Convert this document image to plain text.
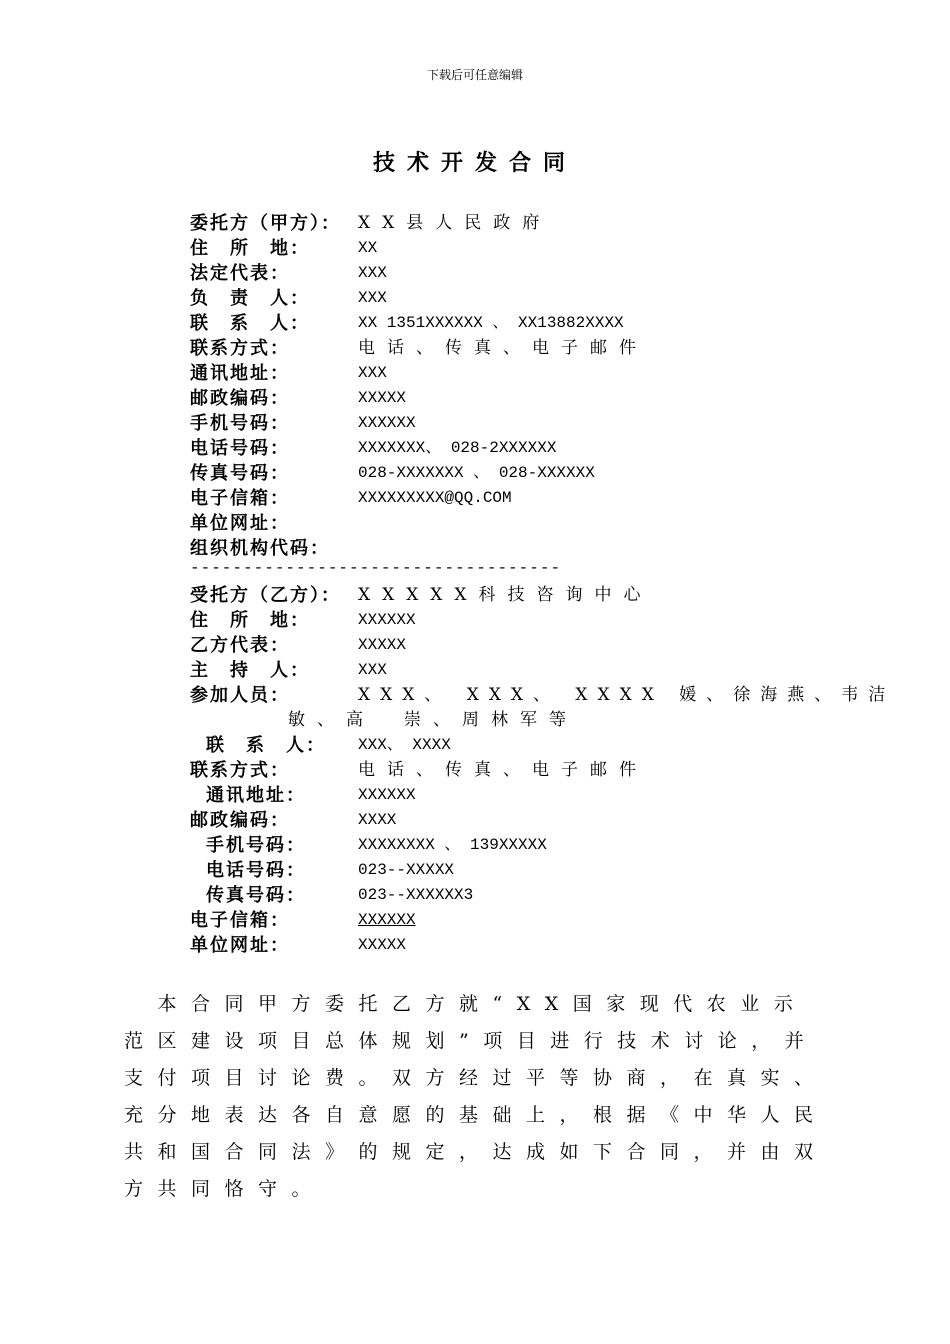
下载后可任意编辑
技术开发合同
委托方（甲方）：	XX县人民政府
住　所　地：	XX
法定代表：	XXX
负　责　人：	XXX
联　系　人：	XX 1351XXXXXX 、 XX13882XXXX
联系方式：	电话、传真、电子邮件
通讯地址：	XXX
邮政编码：	XXXXX
手机号码：	XXXXXX
电话号码：	XXXXXXX、 028-2XXXXXX
传真号码：	028-XXXXXXX 、 028-XXXXXX
电子信箱：	XXXXXXXXX@QQ.COM
单位网址：
组织机构代码：
-----------------------------------
受托方（乙方）：	XXXXX科技咨询中心
住　所　地：	XXXXXX
乙方代表：	XXXXX
主　持　人：	XXX
参加人员：	XXX、 XXX、 XXXX 媛、徐海燕、韦洁
敏、高　崇、周林军等
联　系　人：	XXX、 XXXX
联系方式：	电话、传真、电子邮件
通讯地址：	XXXXXX
邮政编码：	XXXX
手机号码：	XXXXXXXX 、 139XXXXX
电话号码：	023--XXXXX
传真号码：	023--XXXXXX3
电子信箱：	XXXXXX
单位网址：	XXXXX
　本合同甲方委托乙方就“XX国家现代农业示
范区建设项目总体规划”项目进行技术讨论，并
支付项目讨论费。双方经过平等协商，在真实、
充分地表达各自意愿的基础上，根据《中华人民
共和国合同法》的规定，达成如下合同，并由双
方共同恪守。
